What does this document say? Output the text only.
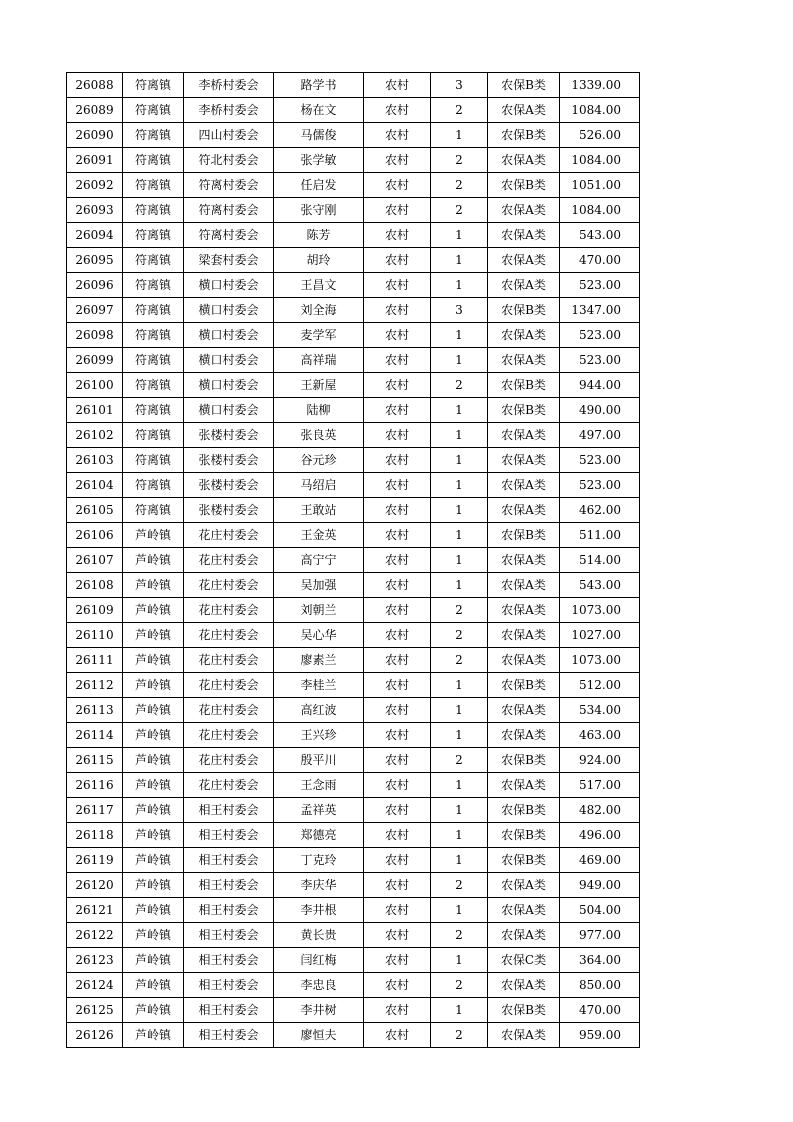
26088	符离镇	李桥村委会	路学书	农村	3	农保B类	1339.00
26089	符离镇	李桥村委会	杨在文	农村	2	农保A类	1084.00
26090	符离镇	四山村委会	马儒俊	农村	1	农保B类	526.00
26091	符离镇	符北村委会	张学敏	农村	2	农保A类	1084.00
26092	符离镇	符离村委会	任启发	农村	2	农保B类	1051.00
26093	符离镇	符离村委会	张守刚	农村	2	农保A类	1084.00
26094	符离镇	符离村委会	陈芳	农村	1	农保A类	543.00
26095	符离镇	梁套村委会	胡玲	农村	1	农保A类	470.00
26096	符离镇	横口村委会	王昌文	农村	1	农保A类	523.00
26097	符离镇	横口村委会	刘全海	农村	3	农保B类	1347.00
26098	符离镇	横口村委会	麦学军	农村	1	农保A类	523.00
26099	符离镇	横口村委会	高祥瑞	农村	1	农保A类	523.00
26100	符离镇	横口村委会	王新屋	农村	2	农保B类	944.00
26101	符离镇	横口村委会	陆柳	农村	1	农保B类	490.00
26102	符离镇	张楼村委会	张良英	农村	1	农保A类	497.00
26103	符离镇	张楼村委会	谷元珍	农村	1	农保A类	523.00
26104	符离镇	张楼村委会	马绍启	农村	1	农保A类	523.00
26105	符离镇	张楼村委会	王敢站	农村	1	农保A类	462.00
26106	芦岭镇	花庄村委会	王金英	农村	1	农保B类	511.00
26107	芦岭镇	花庄村委会	高宁宁	农村	1	农保A类	514.00
26108	芦岭镇	花庄村委会	吴加强	农村	1	农保A类	543.00
26109	芦岭镇	花庄村委会	刘朝兰	农村	2	农保A类	1073.00
26110	芦岭镇	花庄村委会	吴心华	农村	2	农保A类	1027.00
26111	芦岭镇	花庄村委会	廖素兰	农村	2	农保A类	1073.00
26112	芦岭镇	花庄村委会	李桂兰	农村	1	农保B类	512.00
26113	芦岭镇	花庄村委会	高红波	农村	1	农保A类	534.00
26114	芦岭镇	花庄村委会	王兴珍	农村	1	农保A类	463.00
26115	芦岭镇	花庄村委会	殷平川	农村	2	农保B类	924.00
26116	芦岭镇	花庄村委会	王念雨	农村	1	农保A类	517.00
26117	芦岭镇	相王村委会	孟祥英	农村	1	农保B类	482.00
26118	芦岭镇	相王村委会	郑德亮	农村	1	农保B类	496.00
26119	芦岭镇	相王村委会	丁克玲	农村	1	农保B类	469.00
26120	芦岭镇	相王村委会	李庆华	农村	2	农保A类	949.00
26121	芦岭镇	相王村委会	李井根	农村	1	农保A类	504.00
26122	芦岭镇	相王村委会	黄长贵	农村	2	农保A类	977.00
26123	芦岭镇	相王村委会	闫红梅	农村	1	农保C类	364.00
26124	芦岭镇	相王村委会	李忠良	农村	2	农保A类	850.00
26125	芦岭镇	相王村委会	李井树	农村	1	农保B类	470.00
26126	芦岭镇	相王村委会	廖恒夫	农村	2	农保A类	959.00
